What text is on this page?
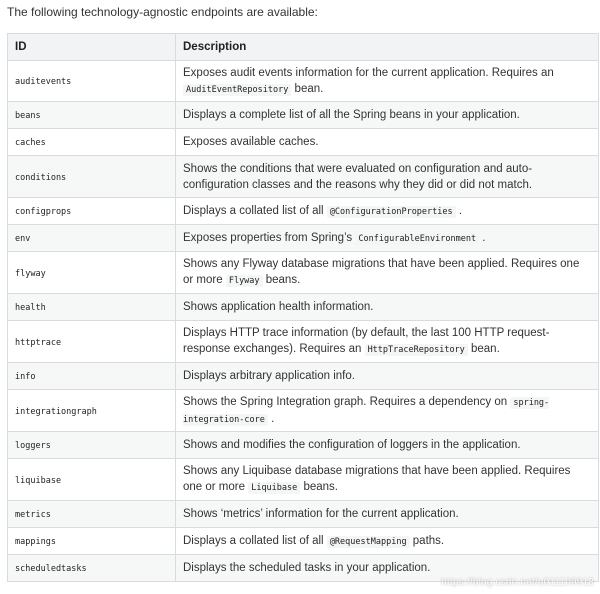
The following technology-agnostic endpoints are available:
ID	Description
auditevents	Exposes audit events information for the current application. Requires an AuditEventRepository bean.
beans	Displays a complete list of all the Spring beans in your application.
caches	Exposes available caches.
conditions	Shows the conditions that were evaluated on configuration and auto-configuration classes and the reasons why they did or did not match.
configprops	Displays a collated list of all @ConfigurationProperties .
env	Exposes properties from Spring’s ConfigurableEnvironment .
flyway	Shows any Flyway database migrations that have been applied. Requires one or more Flyway beans.
health	Shows application health information.
httptrace	Displays HTTP trace information (by default, the last 100 HTTP request-response exchanges). Requires an HttpTraceRepository bean.
info	Displays arbitrary application info.
integrationgraph	Shows the Spring Integration graph. Requires a dependency on spring-integration-core .
loggers	Shows and modifies the configuration of loggers in the application.
liquibase	Shows any Liquibase database migrations that have been applied. Requires one or more Liquibase beans.
metrics	Shows ‘metrics’ information for the current application.
mappings	Displays a collated list of all @RequestMapping paths.
scheduledtasks	Displays the scheduled tasks in your application.
https://blog.csdn.net/u011109918
